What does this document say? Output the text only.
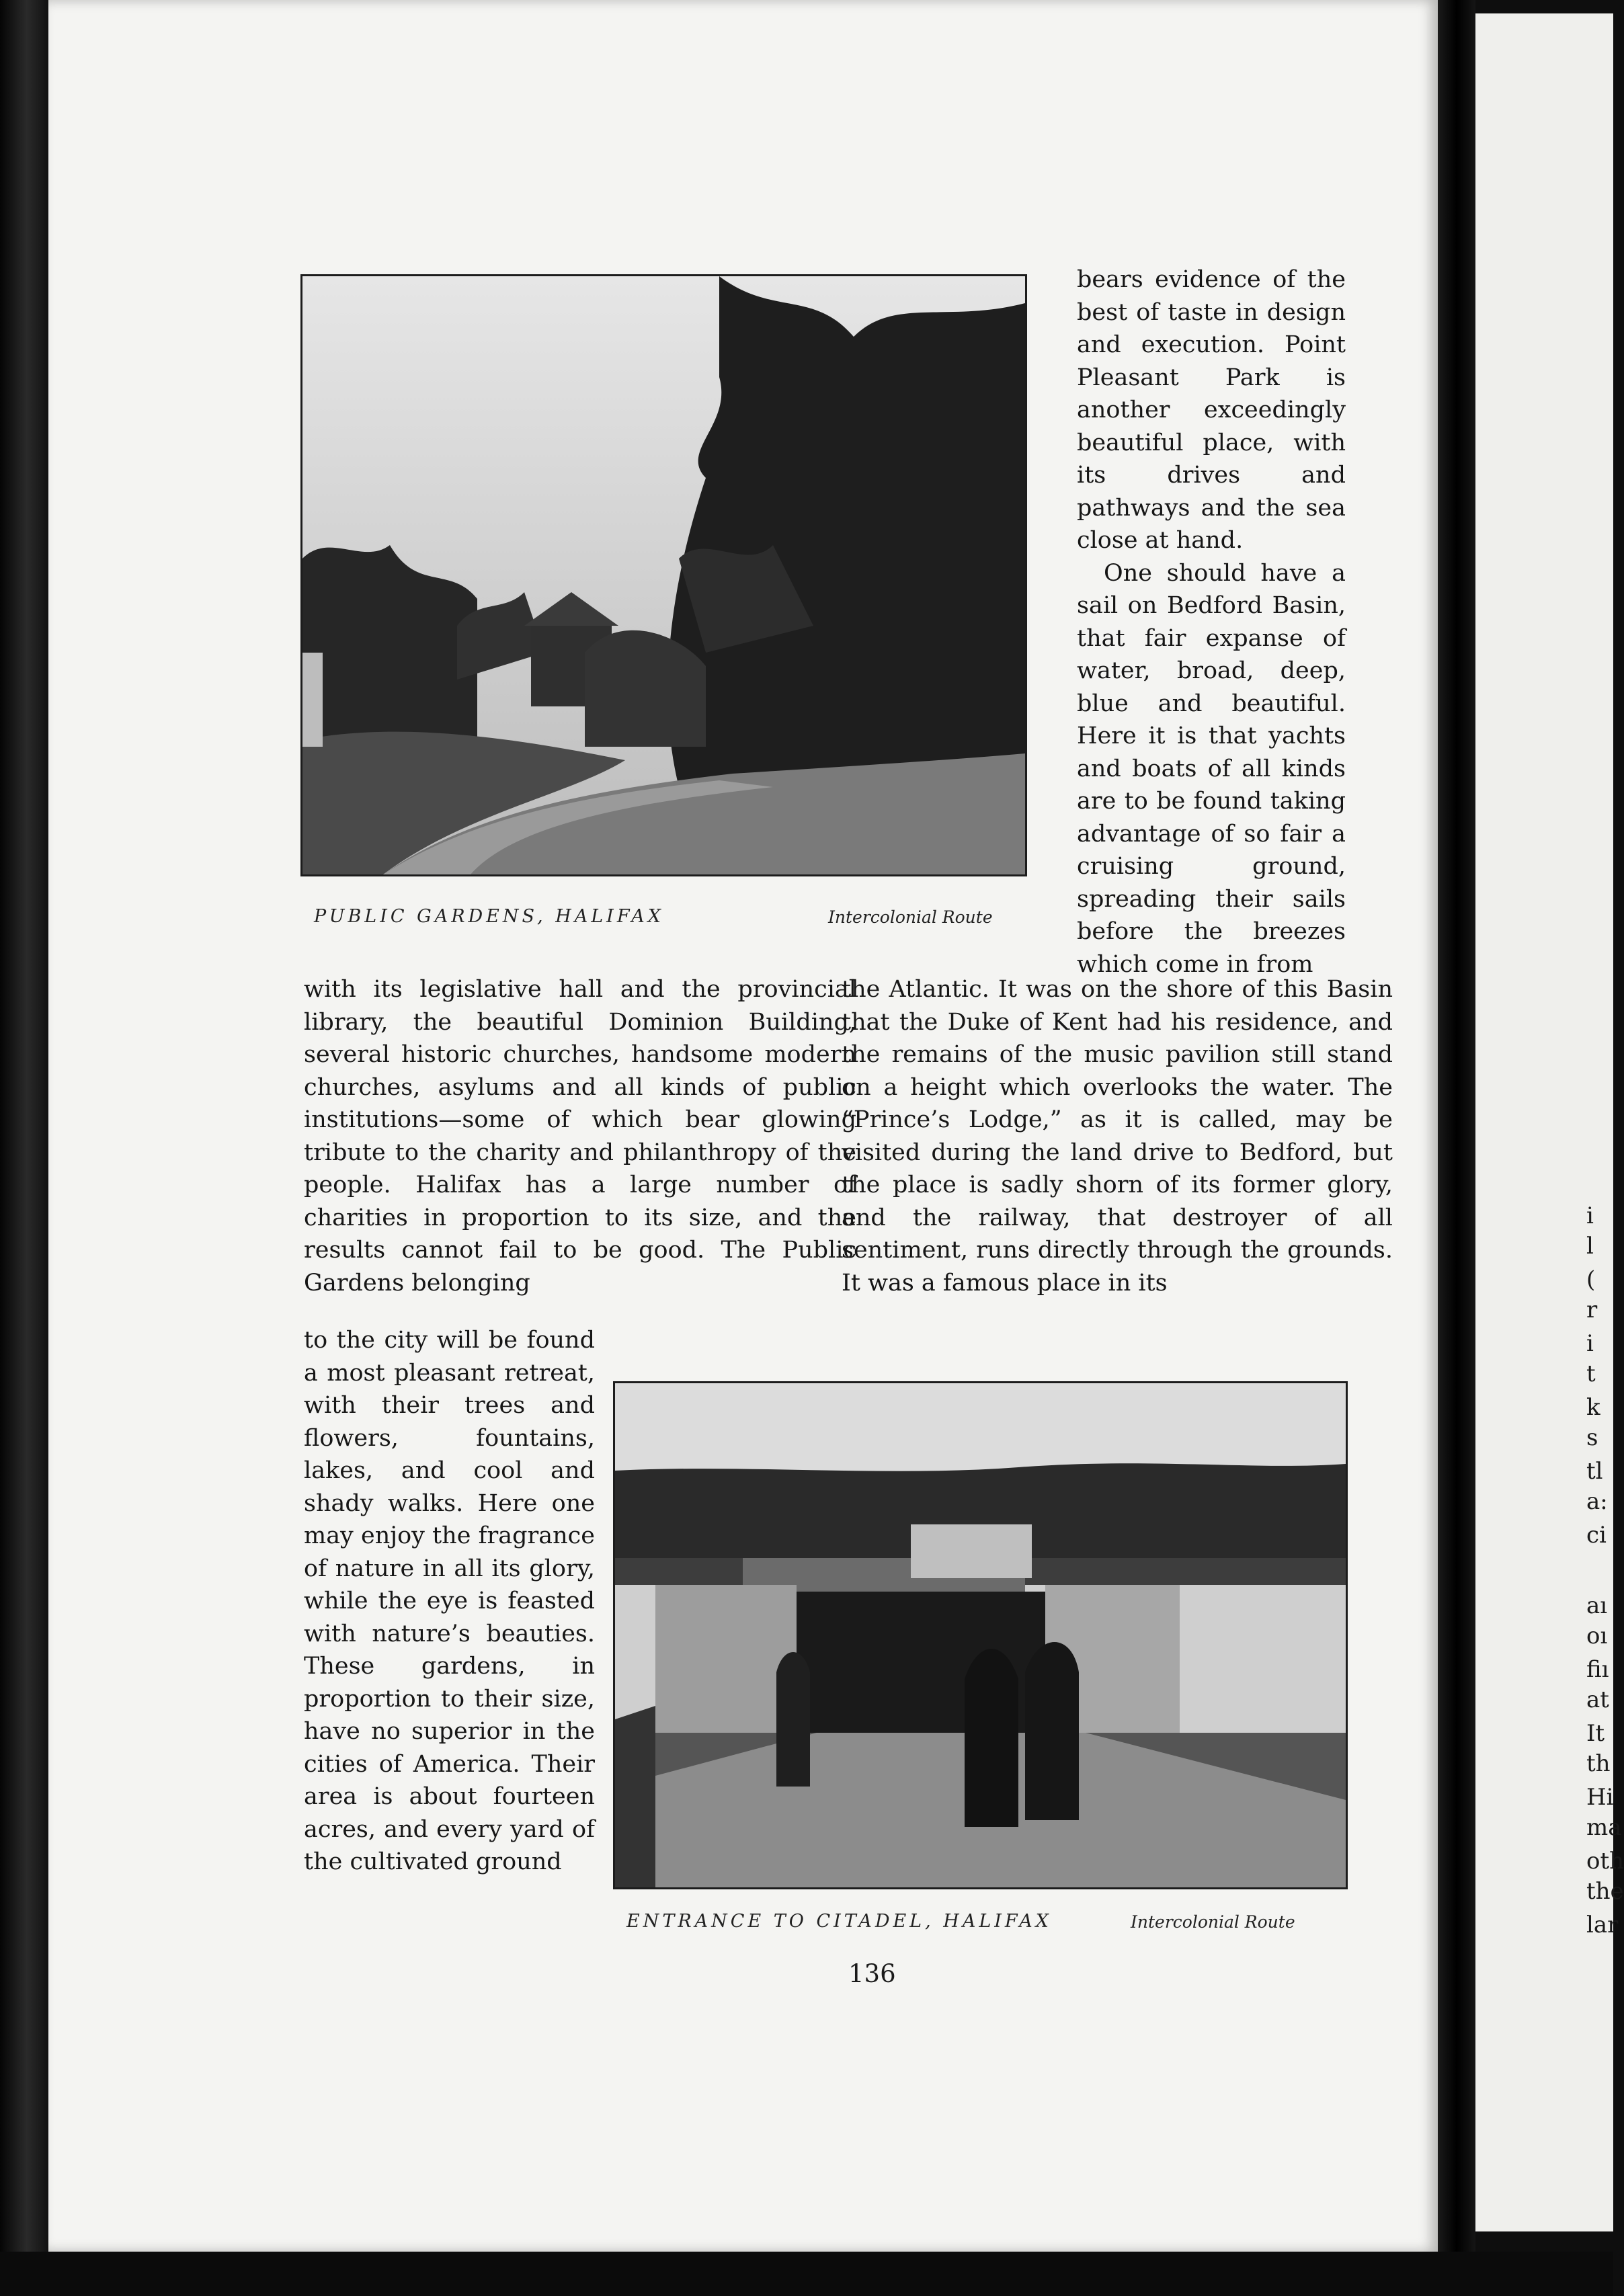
PUBLIC GARDENS, HALIFAX	Intercolonial Route

bears evidence of the best of taste in design and execution. Point Pleasant Park is another exceedingly beautiful place, with its drives and pathways and the sea close at hand.

One should have a sail on Bedford Basin, that fair expanse of water, broad, deep, blue and beautiful. Here it is that yachts and boats of all kinds are to be found taking advantage of so fair a cruising ground, spreading their sails before the breezes which come in from

with its legislative hall and the provincial library, the beautiful Dominion Building, several historic churches, handsome modern churches, asylums and all kinds of public institutions—some of which bear glowing tribute to the charity and philanthropy of the people. Halifax has a large number of charities in proportion to its size, and the results cannot fail to be good. The Public Gardens belonging

the Atlantic. It was on the shore of this Basin that the Duke of Kent had his residence, and the remains of the music pavilion still stand on a height which overlooks the water. The “Prince’s Lodge,” as it is called, may be visited during the land drive to Bedford, but the place is sadly shorn of its former glory, and the railway, that destroyer of all sentiment, runs directly through the grounds. It was a famous place in its

to the city will be found a most pleasant retreat, with their trees and flowers, fountains, lakes, and cool and shady walks. Here one may enjoy the fragrance of nature in all its glory, while the eye is feasted with nature’s beauties. These gardens, in proportion to their size, have no superior in the cities of America. Their area is about fourteen acres, and every yard of the cultivated ground

ENTRANCE TO CITADEL, HALIFAX	Intercolonial Route
136
i
l
(
r
i
t
k
s
tl
a:
ci
aı
oı
fiı
at
It
th
Hi
ma
oth
the
lar
